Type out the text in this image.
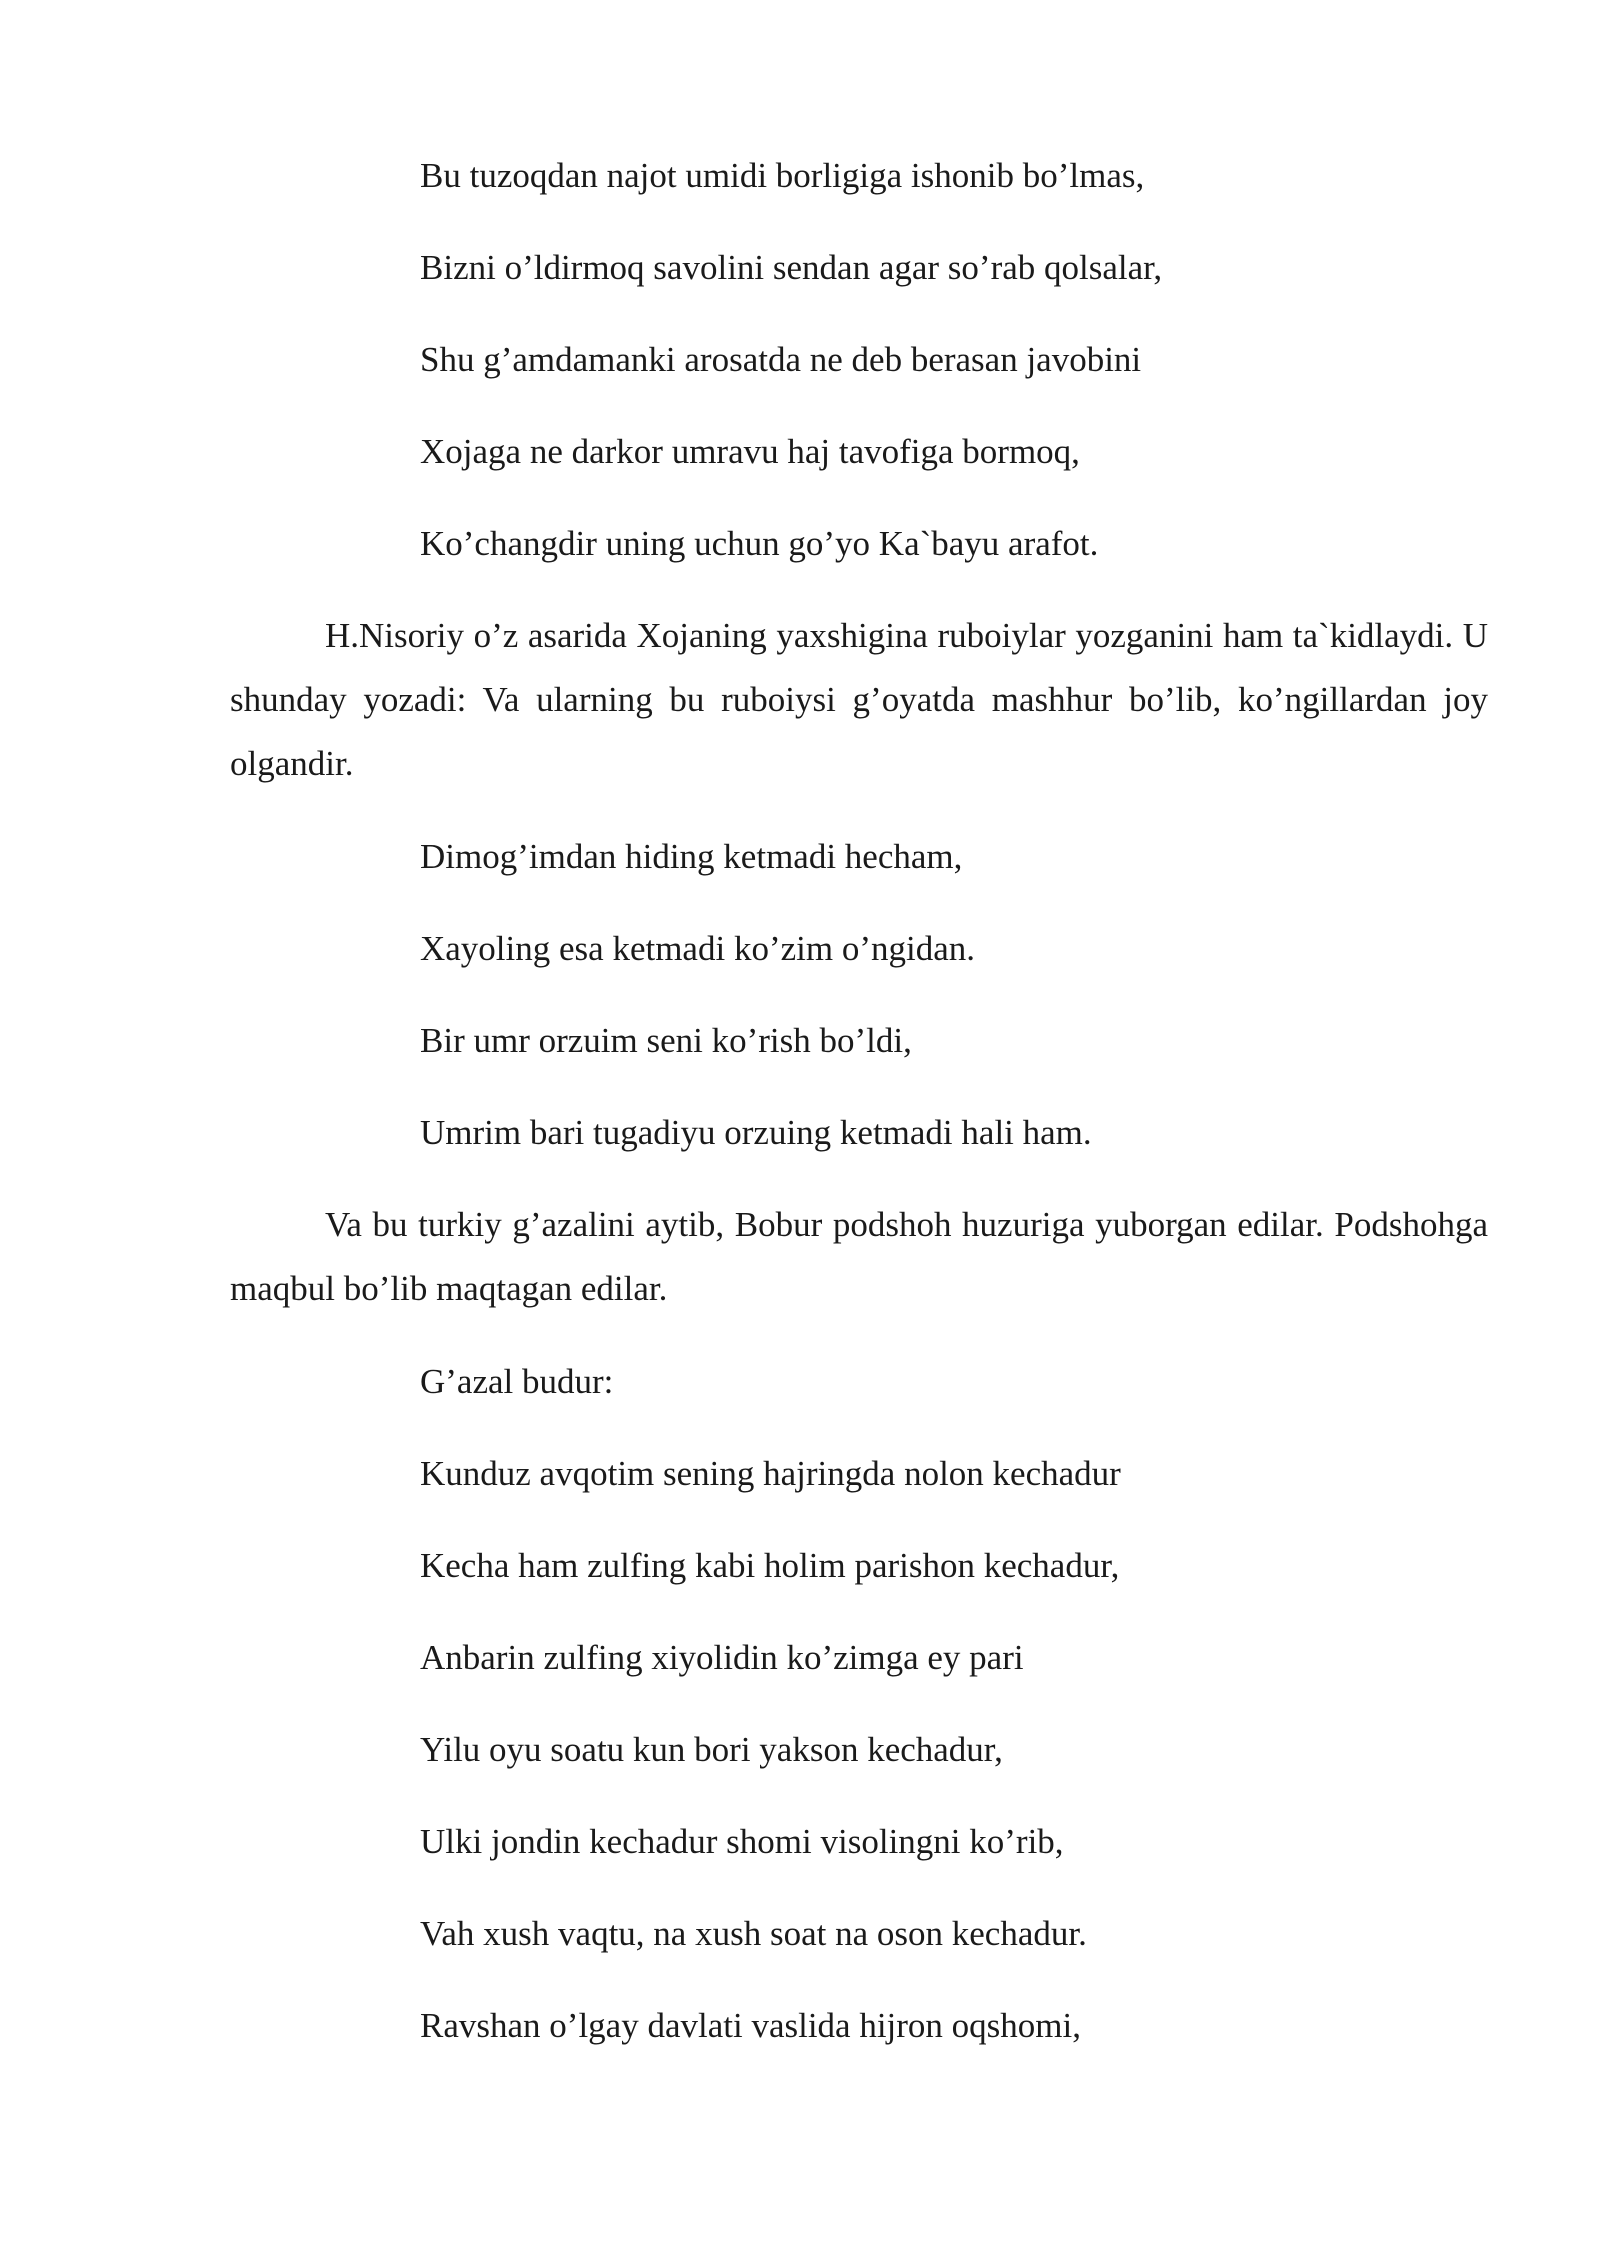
Bu tuzoqdan najot umidi borligiga ishonib bo’lmas,
Bizni o’ldirmoq savolini sendan agar so’rab qolsalar,
Shu g’amdamanki arosatda ne deb berasan javobini
Xojaga ne darkor umravu haj tavofiga bormoq,
Ko’changdir uning uchun go’yo Ka`bayu arafot.

H.Nisoriy o’z asarida Xojaning yaxshigina ruboiylar yozganini ham ta`kidlaydi. U shunday yozadi: Va ularning bu ruboiysi g’oyatda mashhur bo’lib, ko’ngillardan joy olgandir.

Dimog’imdan hiding ketmadi hecham,
Xayoling esa ketmadi ko’zim o’ngidan.
Bir umr orzuim seni ko’rish bo’ldi,
Umrim bari tugadiyu orzuing ketmadi hali ham.

Va bu turkiy g’azalini aytib, Bobur podshoh huzuriga yuborgan edilar. Podshohga maqbul bo’lib maqtagan edilar.

G’azal budur:
Kunduz avqotim sening hajringda nolon kechadur
Kecha ham zulfing kabi holim parishon kechadur,
Anbarin zulfing xiyolidin ko’zimga ey pari
Yilu oyu soatu kun bori yakson kechadur,
Ulki jondin kechadur shomi visolingni ko’rib,
Vah xush vaqtu, na xush soat na oson kechadur.
Ravshan o’lgay davlati vaslida hijron oqshomi,
